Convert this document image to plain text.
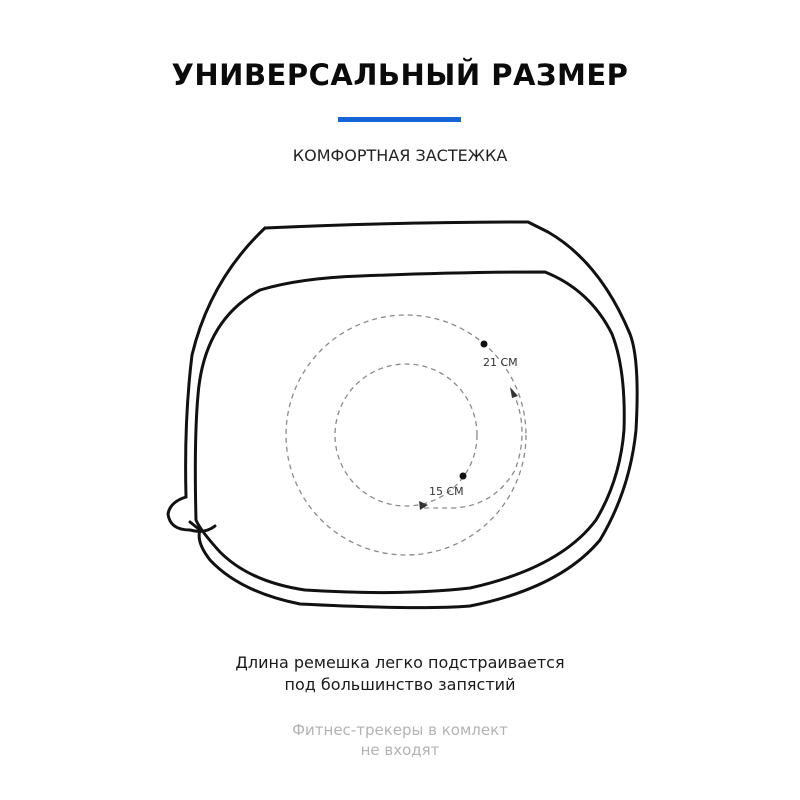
УНИВЕРСАЛЬНЫЙ РАЗМЕР
КОМФОРТНАЯ ЗАСТЕЖКА
21 СМ
15 СМ
Длина ремешка легко подстраивается
под большинство запястий
Фитнес-трекеры в комлект
не входят
